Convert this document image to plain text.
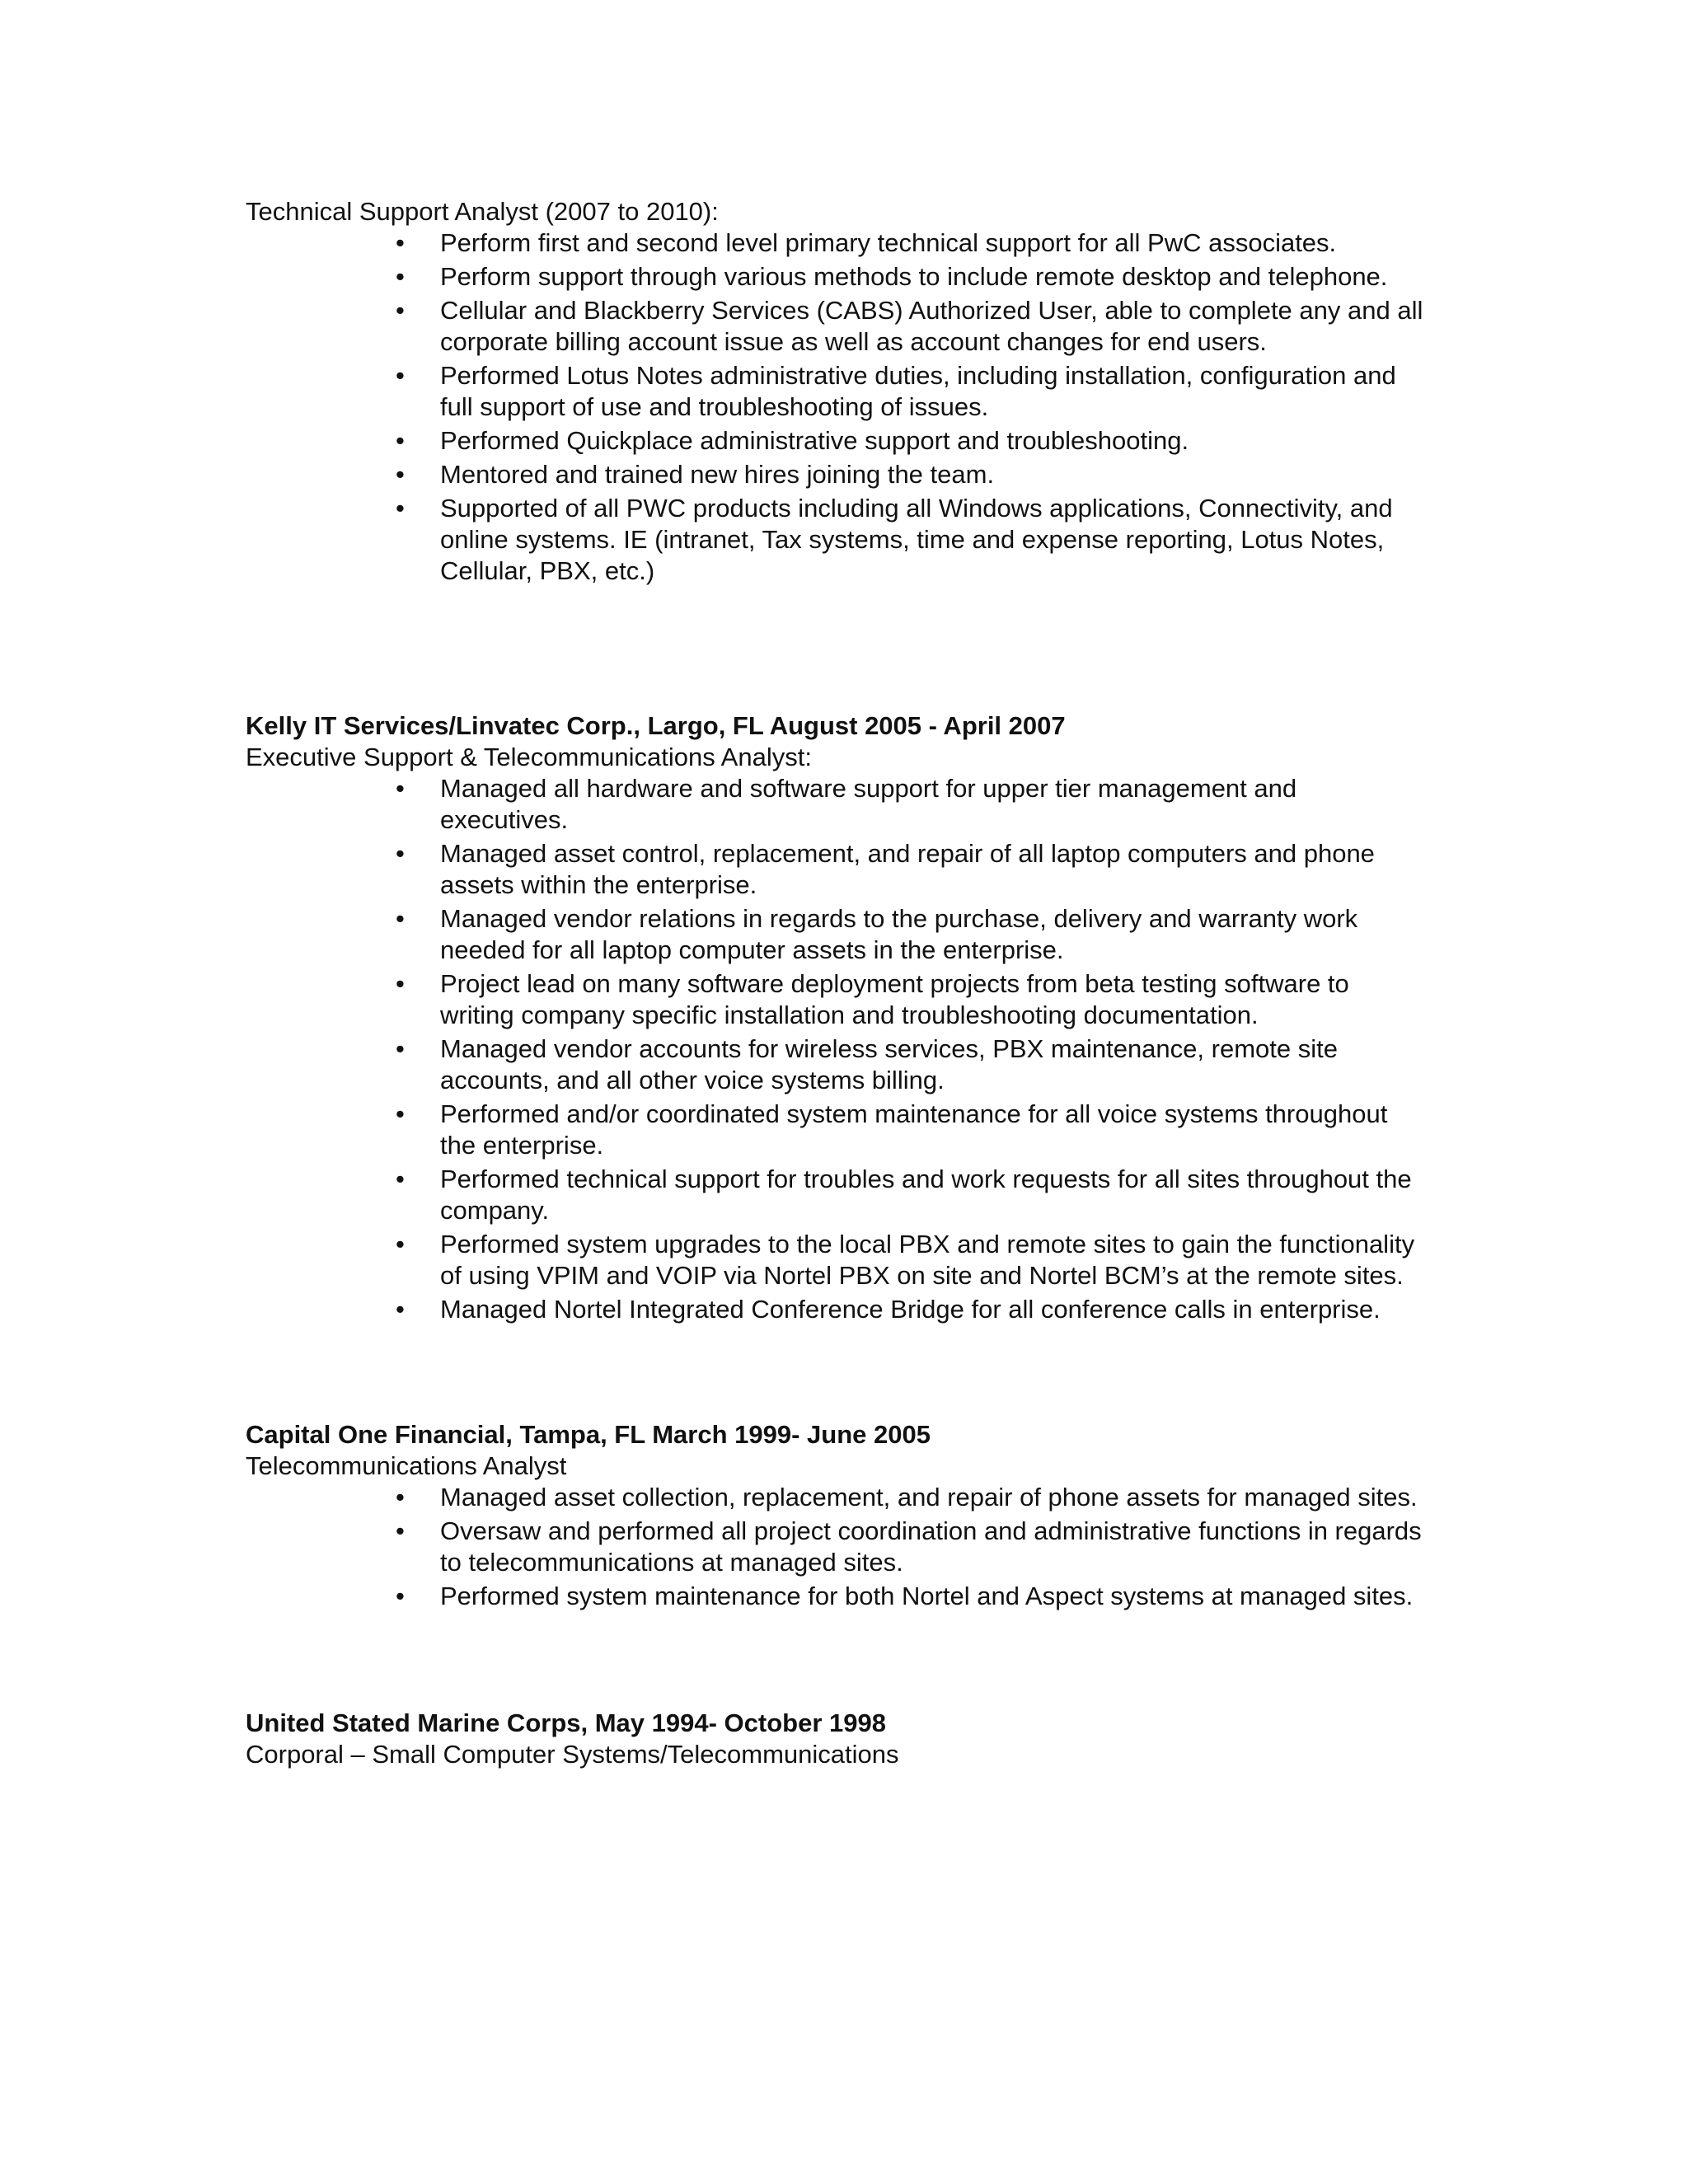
Technical Support Analyst (2007 to 2010):

• Perform first and second level primary technical support for all PwC associates.
• Perform support through various methods to include remote desktop and telephone.
• Cellular and Blackberry Services (CABS) Authorized User, able to complete any and all corporate billing account issue as well as account changes for end users.
• Performed Lotus Notes administrative duties, including installation, configuration and full support of use and troubleshooting of issues.
• Performed Quickplace administrative support and troubleshooting.
• Mentored and trained new hires joining the team.
• Supported of all PWC products including all Windows applications, Connectivity, and online systems. IE (intranet, Tax systems, time and expense reporting, Lotus Notes, Cellular, PBX, etc.)

Kelly IT Services/Linvatec Corp., Largo, FL August 2005 - April 2007

Executive Support & Telecommunications Analyst:

• Managed all hardware and software support for upper tier management and executives.
• Managed asset control, replacement, and repair of all laptop computers and phone assets within the enterprise.
• Managed vendor relations in regards to the purchase, delivery and warranty work needed for all laptop computer assets in the enterprise.
• Project lead on many software deployment projects from beta testing software to writing company specific installation and troubleshooting documentation.
• Managed vendor accounts for wireless services, PBX maintenance, remote site accounts, and all other voice systems billing.
• Performed and/or coordinated system maintenance for all voice systems throughout the enterprise.
• Performed technical support for troubles and work requests for all sites throughout the company.
• Performed system upgrades to the local PBX and remote sites to gain the functionality of using VPIM and VOIP via Nortel PBX on site and Nortel BCM’s at the remote sites.
• Managed Nortel Integrated Conference Bridge for all conference calls in enterprise.

Capital One Financial, Tampa, FL March 1999- June 2005

Telecommunications Analyst

• Managed asset collection, replacement, and repair of phone assets for managed sites.
• Oversaw and performed all project coordination and administrative functions in regards to telecommunications at managed sites.
• Performed system maintenance for both Nortel and Aspect systems at managed sites.

United Stated Marine Corps, May 1994- October 1998

Corporal – Small Computer Systems/Telecommunications
